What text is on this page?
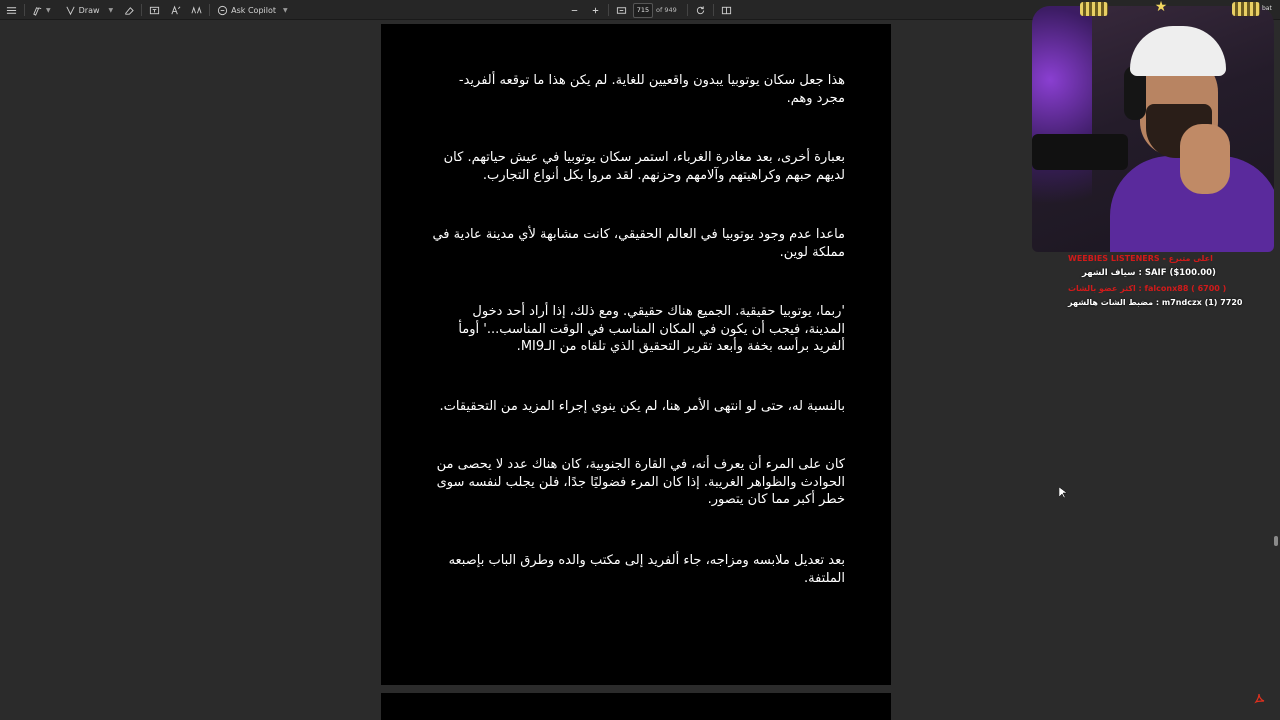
▼	Draw ▼	Ask Copilot ▼	715	of 949
هذا جعل سكان يوتوبيا يبدون واقعيين للغاية. لم يكن هذا ما توقعه ألفريد- مجرد وهم.
بعبارة أخرى، بعد مغادرة الغرباء، استمر سكان يوتوبيا في عيش حياتهم. كان لديهم حبهم وكراهيتهم وآلامهم وحزنهم. لقد مروا بكل أنواع التجارب.
ماعدا عدم وجود يوتوبيا في العالم الحقيقي، كانت مشابهة لأي مدينة عادية في مملكة لوين.
'ربما، يوتوبيا حقيقية. الجميع هناك حقيقي. ومع ذلك، إذا أراد أحد دخول المدينة، فيجب أن يكون في المكان المناسب في الوقت المناسب...' أومأ ألفريد برأسه بخفة وأبعد تقرير التحقيق الذي تلقاه من الـMI9.
بالنسبة له، حتى لو انتهى الأمر هنا، لم يكن ينوي إجراء المزيد من التحقيقات.
كان على المرء أن يعرف أنه، في القارة الجنوبية، كان هناك عدد لا يحصى من الحوادث والظواهر الغريبة. إذا كان المرء فضوليًا جدًا، فلن يجلب لنفسه سوى خطر أكبر مما كان يتصور.
بعد تعديل ملابسه ومزاجه، جاء ألفريد إلى مكتب والده وطرق الباب بإصبعه الملتفة.
★	bat
WEEBIES LISTENERS - اعلى متبرع
سياف الشهر : SAIF ($100.00)
اكثر عضو بالشات : falconx88 ( 6700 )
مضبط الشات هالشهر : m7ndczx (1) 7720
